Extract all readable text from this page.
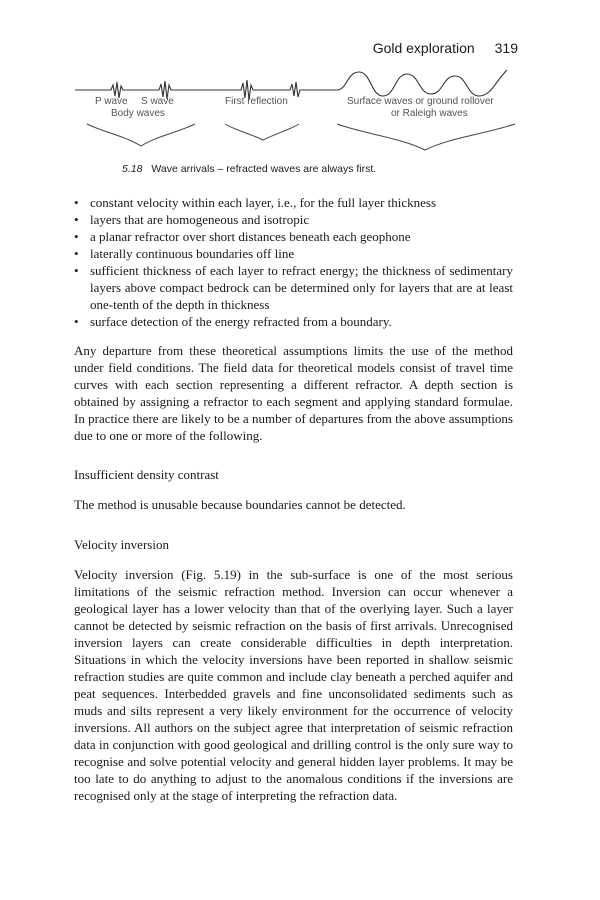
Gold exploration 319
P wave S wave
Body waves
First reflection	Surface waves or ground rollover
or Raleigh waves
5.18 Wave arrivals – refracted waves are always first.
• constant velocity within each layer, i.e., for the full layer thickness
• layers that are homogeneous and isotropic
• a planar refractor over short distances beneath each geophone
• laterally continuous boundaries off line
• sufficient thickness of each layer to refract energy; the thickness of sedimentary layers above compact bedrock can be determined only for layers that are at least one-tenth of the depth in thickness
• surface detection of the energy refracted from a boundary.

Any departure from these theoretical assumptions limits the use of the method under field conditions. The field data for theoretical models consist of travel time curves with each section representing a different refractor. A depth section is obtained by assigning a refractor to each segment and applying standard formulae. In practice there are likely to be a number of departures from the above assumptions due to one or more of the following.

Insufficient density contrast

The method is unusable because boundaries cannot be detected.

Velocity inversion

Velocity inversion (Fig. 5.19) in the sub-surface is one of the most serious limitations of the seismic refraction method. Inversion can occur whenever a geological layer has a lower velocity than that of the overlying layer. Such a layer cannot be detected by seismic refraction on the basis of first arrivals. Unrecognised inversion layers can create considerable difficulties in depth interpretation. Situations in which the velocity inversions have been reported in shallow seismic refraction studies are quite common and include clay beneath a perched aquifer and peat sequences. Interbedded gravels and fine unconsolidated sediments such as muds and silts represent a very likely environment for the occurrence of velocity inversions. All authors on the subject agree that interpretation of seismic refraction data in conjunction with good geological and drilling control is the only sure way to recognise and solve potential velocity and general hidden layer problems. It may be too late to do anything to adjust to the anomalous conditions if the inversions are recognised only at the stage of interpreting the refraction data.
